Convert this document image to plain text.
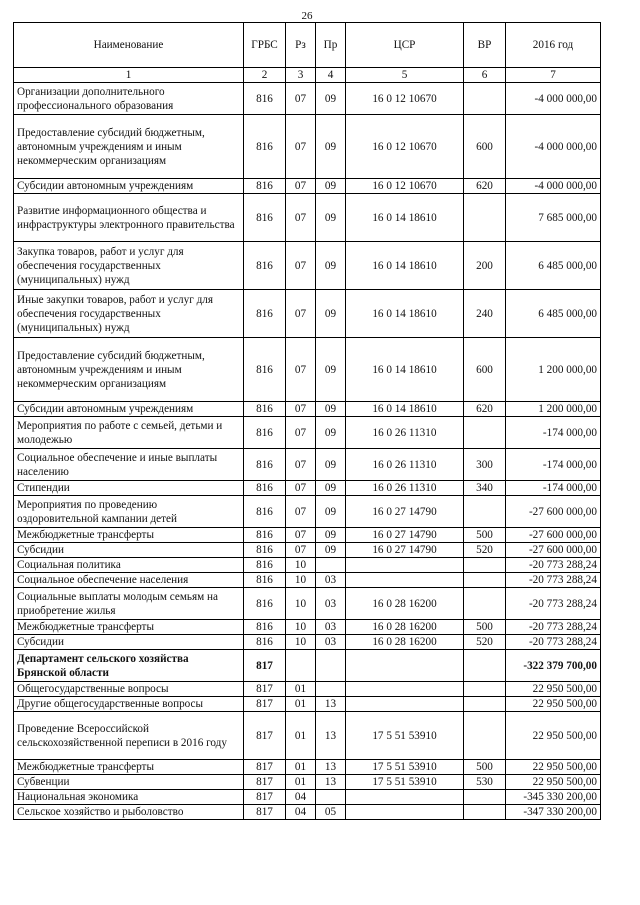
26
Наименование	ГРБС	Рз	Пр	ЦСР	ВР	2016 год
1	2	3	4	5	6	7
Организации дополнительного профессионального образования	816	07	09	16 0 12 10670		-4 000 000,00
Предоставление субсидий бюджетным, автономным учреждениям и иным некоммерческим организациям	816	07	09	16 0 12 10670	600	-4 000 000,00
Субсидии автономным учреждениям	816	07	09	16 0 12 10670	620	-4 000 000,00
Развитие информационного общества и инфраструктуры электронного правительства	816	07	09	16 0 14 18610		7 685 000,00
Закупка товаров, работ и услуг для обеспечения государственных (муниципальных) нужд	816	07	09	16 0 14 18610	200	6 485 000,00
Иные закупки товаров, работ и услуг для обеспечения государственных (муниципальных) нужд	816	07	09	16 0 14 18610	240	6 485 000,00
Предоставление субсидий бюджетным, автономным учреждениям и иным некоммерческим организациям	816	07	09	16 0 14 18610	600	1 200 000,00
Субсидии автономным учреждениям	816	07	09	16 0 14 18610	620	1 200 000,00
Мероприятия по работе с семьей, детьми и молодежью	816	07	09	16 0 26 11310		-174 000,00
Социальное обеспечение и иные выплаты населению	816	07	09	16 0 26 11310	300	-174 000,00
Стипендии	816	07	09	16 0 26 11310	340	-174 000,00
Мероприятия по проведению оздоровительной кампании детей	816	07	09	16 0 27 14790		-27 600 000,00
Межбюджетные трансферты	816	07	09	16 0 27 14790	500	-27 600 000,00
Субсидии	816	07	09	16 0 27 14790	520	-27 600 000,00
Социальная политика	816	10				-20 773 288,24
Социальное обеспечение населения	816	10	03			-20 773 288,24
Социальные выплаты молодым семьям на приобретение жилья	816	10	03	16 0 28 16200		-20 773 288,24
Межбюджетные трансферты	816	10	03	16 0 28 16200	500	-20 773 288,24
Субсидии	816	10	03	16 0 28 16200	520	-20 773 288,24
Департамент сельского хозяйства Брянской области	817					-322 379 700,00
Общегосударственные вопросы	817	01				22 950 500,00
Другие общегосударственные вопросы	817	01	13			22 950 500,00
Проведение Всероссийской сельскохозяйственной переписи в 2016 году	817	01	13	17 5 51 53910		22 950 500,00
Межбюджетные трансферты	817	01	13	17 5 51 53910	500	22 950 500,00
Субвенции	817	01	13	17 5 51 53910	530	22 950 500,00
Национальная экономика	817	04				-345 330 200,00
Сельское хозяйство и рыболовство	817	04	05			-347 330 200,00
